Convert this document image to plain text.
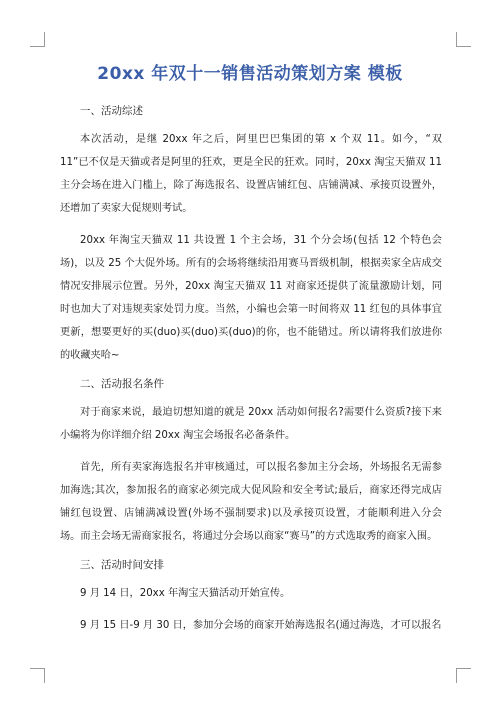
20xx 年双十一销售活动策划方案 模板

一、活动综述

本次活动，是继 20xx 年之后，阿里巴巴集团的第 x 个双 11。如今，“双 11”已不仅是天猫或者是阿里的狂欢，更是全民的狂欢。同时，20xx 淘宝天猫双 11 主分会场在进入门槛上，除了海选报名、设置店铺红包、店铺满减、承接页设置外，还增加了卖家大促规则考试。

20xx 年淘宝天猫双 11 共设置 1 个主会场，31 个分会场(包括 12 个特色会场)，以及 25 个大促外场。所有的会场将继续沿用赛马晋级机制，根据卖家全店成交情况安排展示位置。另外，20xx 淘宝天猫双 11 对商家还提供了流量激励计划，同时也加大了对违规卖家处罚力度。当然，小编也会第一时间将双 11 红包的具体事宜更新，想要更好的买(duo)买(duo)买(duo)的你，也不能错过。所以请将我们放进你的收藏夹哈~

二、活动报名条件

对于商家来说，最迫切想知道的就是 20xx 活动如何报名?需要什么资质?接下来小编将为你详细介绍 20xx 淘宝会场报名必备条件。

首先，所有卖家海选报名并审核通过，可以报名参加主分会场，外场报名无需参加海选;其次，参加报名的商家必须完成大促风险和安全考试;最后，商家还得完成店铺红包设置、店铺满减设置(外场不强制要求)以及承接页设置，才能顺利进入分会场。而主会场无需商家报名，将通过分会场以商家“赛马”的方式选取秀的商家入围。

三、活动时间安排

9 月 14 日，20xx 年淘宝天猫活动开始宣传。

9 月 15 日-9 月 30 日，参加分会场的商家开始海选报名(通过海选，才可以报名
